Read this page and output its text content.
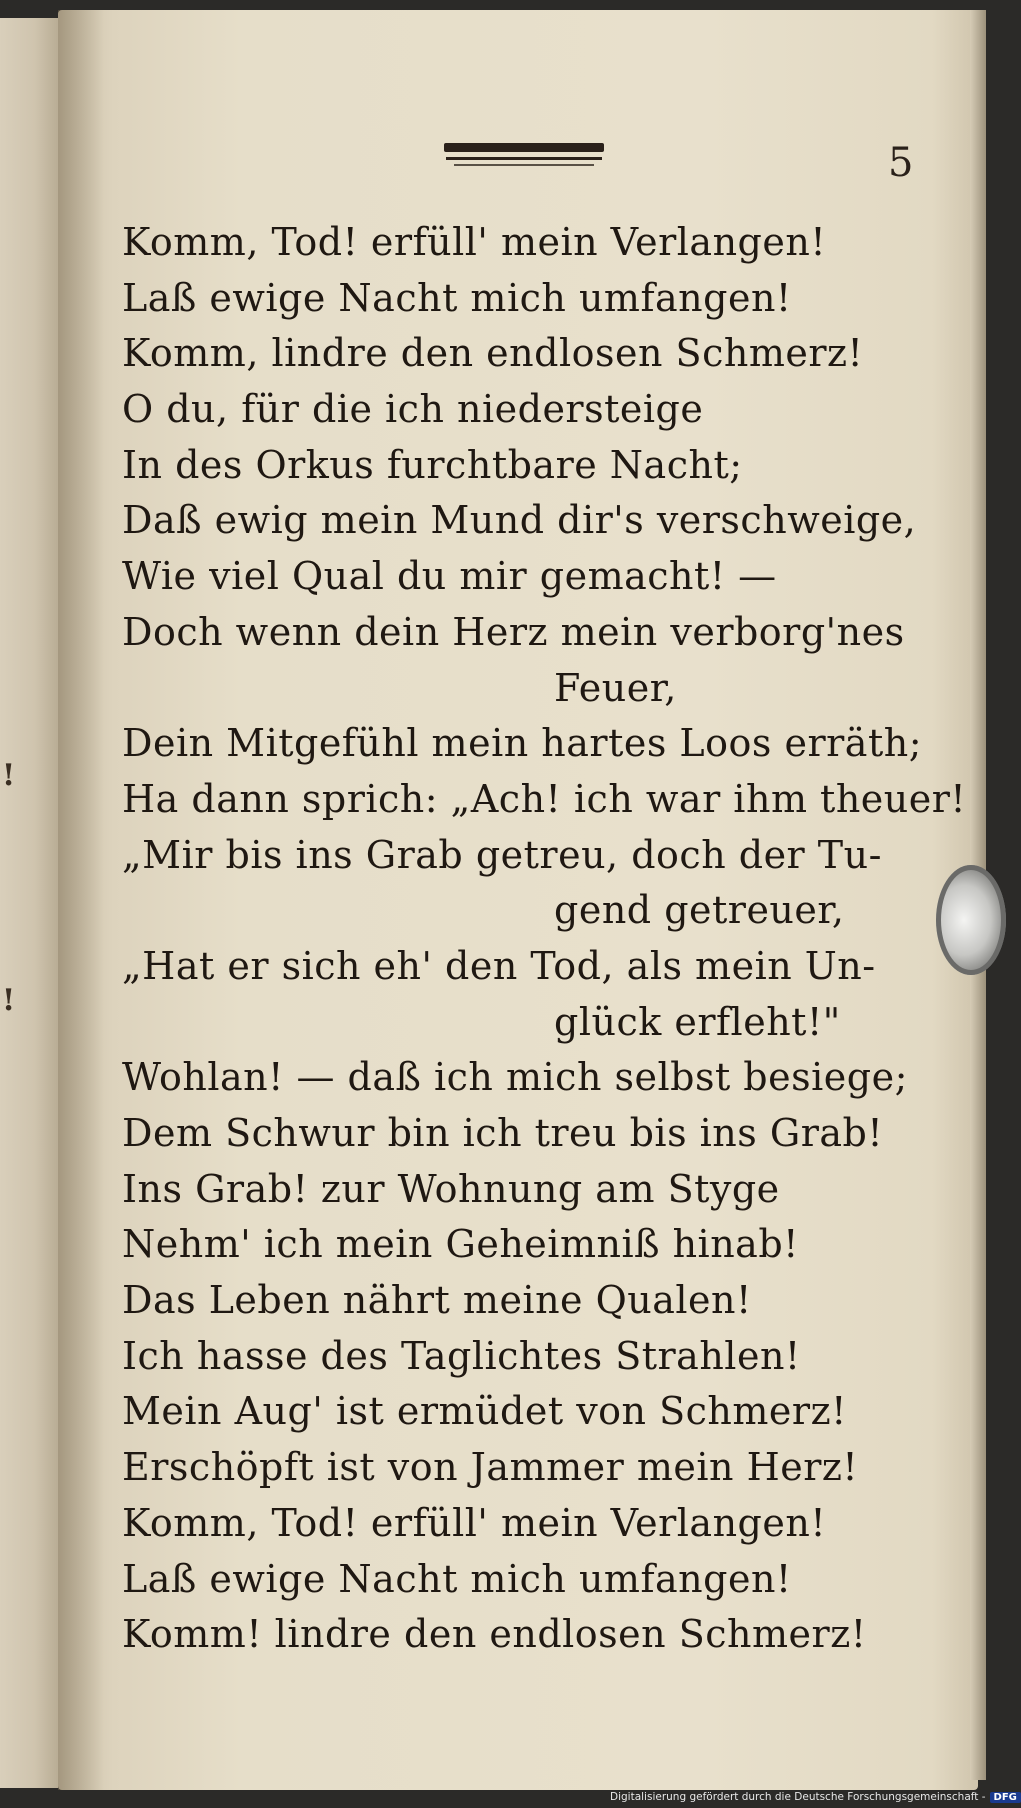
!
!
5
Komm, Tod! erfüll' mein Verlangen!
Laß ewige Nacht mich umfangen!
Komm, lindre den endlosen Schmerz!
O du, für die ich niedersteige
In des Orkus furchtbare Nacht;
Daß ewig mein Mund dir's verschweige,
Wie viel Qual du mir gemacht! —
Doch wenn dein Herz mein verborg'nes
Feuer,
Dein Mitgefühl mein hartes Loos erräth;
Ha dann sprich: „Ach! ich war ihm theuer!
„Mir bis ins Grab getreu, doch der Tu-
gend getreuer,
„Hat er sich eh' den Tod, als mein Un-
glück erfleht!"
Wohlan! — daß ich mich selbst besiege;
Dem Schwur bin ich treu bis ins Grab!
Ins Grab! zur Wohnung am Styge
Nehm' ich mein Geheimniß hinab!
Das Leben nährt meine Qualen!
Ich hasse des Taglichtes Strahlen!
Mein Aug' ist ermüdet von Schmerz!
Erschöpft ist von Jammer mein Herz!
Komm, Tod! erfüll' mein Verlangen!
Laß ewige Nacht mich umfangen!
Komm! lindre den endlosen Schmerz!
Digitalisierung gefördert durch die Deutsche Forschungsgemeinschaft - DFG
